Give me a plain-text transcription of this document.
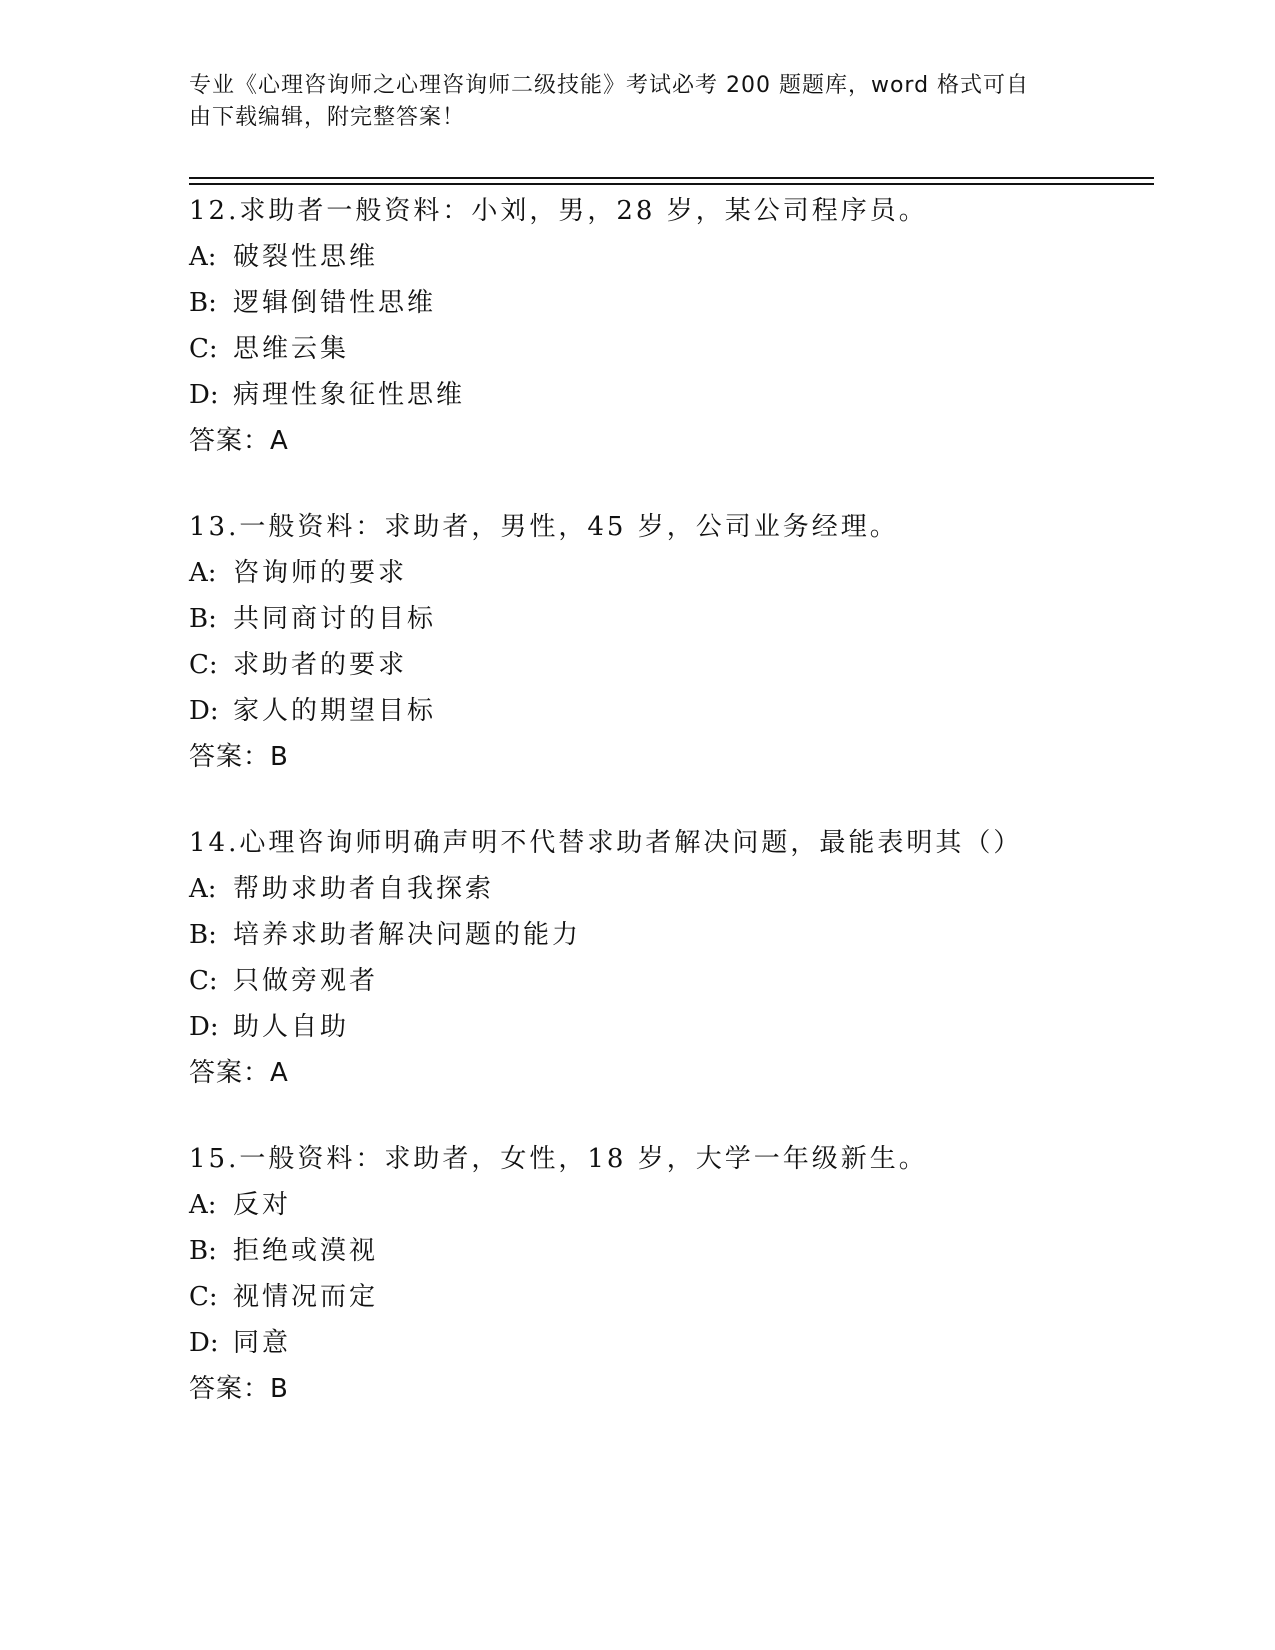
专业《心理咨询师之心理咨询师二级技能》考试必考 200 题题库，word 格式可自
由下载编辑，附完整答案！
12.求助者一般资料：小刘，男，28 岁，某公司程序员。
A: 破裂性思维
B: 逻辑倒错性思维
C: 思维云集
D: 病理性象征性思维
答案：A
13.一般资料：求助者，男性，45 岁，公司业务经理。
A: 咨询师的要求
B: 共同商讨的目标
C: 求助者的要求
D: 家人的期望目标
答案：B
14.心理咨询师明确声明不代替求助者解决问题，最能表明其（）
A: 帮助求助者自我探索
B: 培养求助者解决问题的能力
C: 只做旁观者
D: 助人自助
答案：A
15.一般资料：求助者，女性，18 岁，大学一年级新生。
A: 反对
B: 拒绝或漠视
C: 视情况而定
D: 同意
答案：B
